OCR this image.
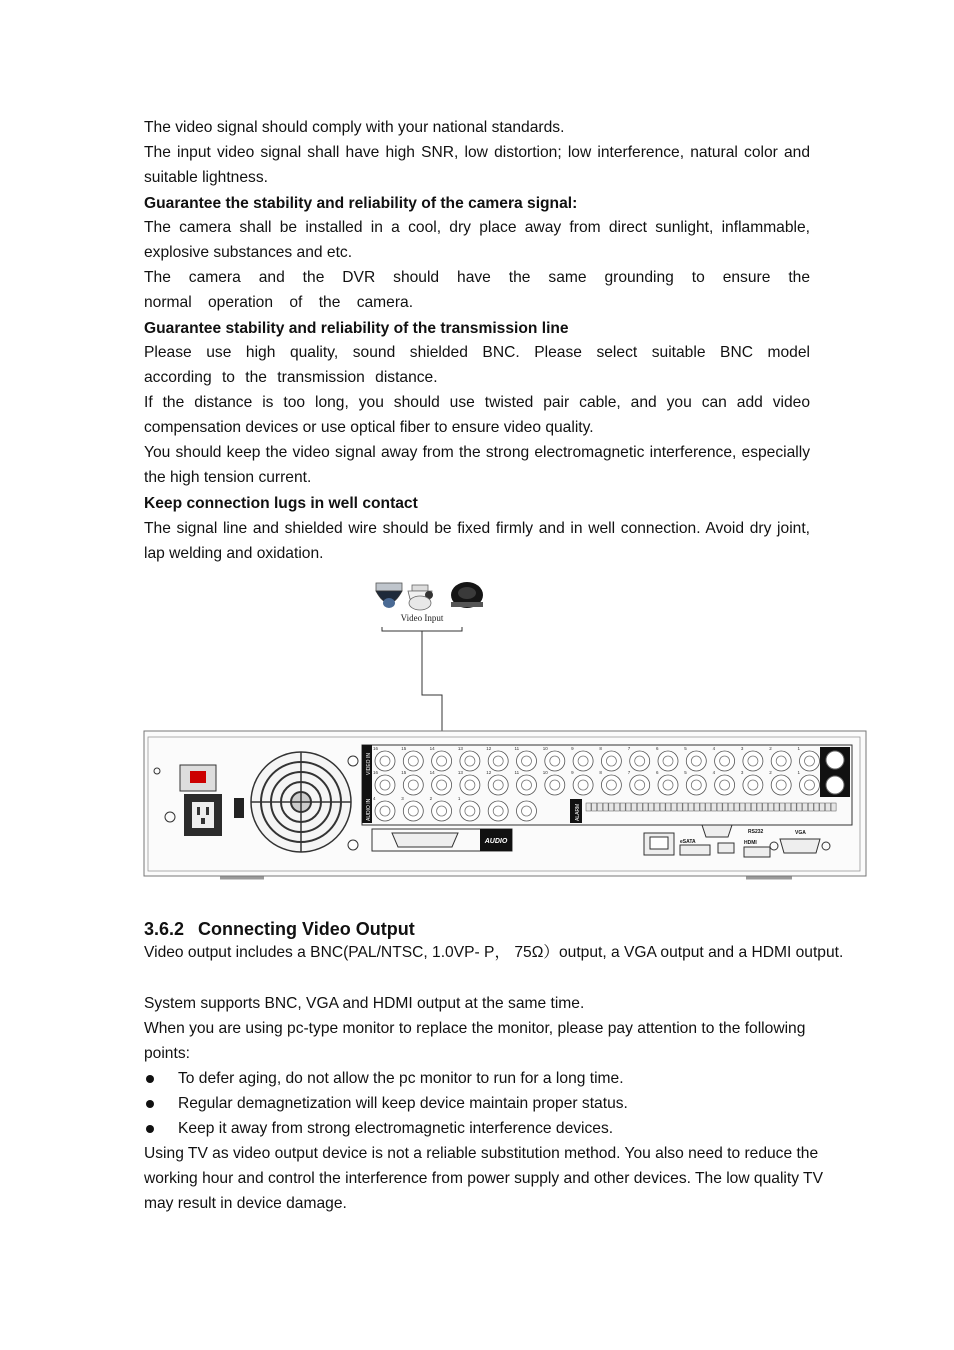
The video signal should comply with your national standards.

The input video signal shall have high SNR, low distortion; low interference, natural color and suitable lightness.

Guarantee the stability and reliability of the camera signal:

The camera shall be installed in a cool, dry place away from direct sunlight, inflammable, explosive substances and etc.

The camera and the DVR should have the same grounding to ensure the normal operation of the camera.

Guarantee stability and reliability of the transmission line

Please use high quality, sound shielded BNC. Please select suitable BNC model according to the transmission distance.

If the distance is too long, you should use twisted pair cable, and you can add video compensation devices or use optical fiber to ensure video quality.

You should keep the video signal away from the strong electromagnetic interference, especially the high tension current.

Keep connection lugs in well contact

The signal line and shielded wire should be fixed firmly and in well connection. Avoid dry joint, lap welding and oxidation.

Video Input
VIDEO IN
AUDIO IN
16	15	14	13	12	11	10	9	8	7	6	5	4	3	2	1
16	15	14	13	12	11	10	9	8	7	6	5	4	3	2	1
4	3	2	1
ALARM
AUDIO	eSATA	HDMI
RS232	VGA
3.6.2 Connecting Video Output

Video output includes a BNC(PAL/NTSC, 1.0VP- P， 75Ω）output, a VGA output and a HDMI output.

System supports BNC, VGA and HDMI output at the same time.

When you are using pc-type monitor to replace the monitor, please pay attention to the following points:

To defer aging, do not allow the pc monitor to run for a long time.
Regular demagnetization will keep device maintain proper status.
Keep it away from strong electromagnetic interference devices.

Using TV as video output device is not a reliable substitution method. You also need to reduce the working hour and control the interference from power supply and other devices. The low quality TV may result in device damage.
